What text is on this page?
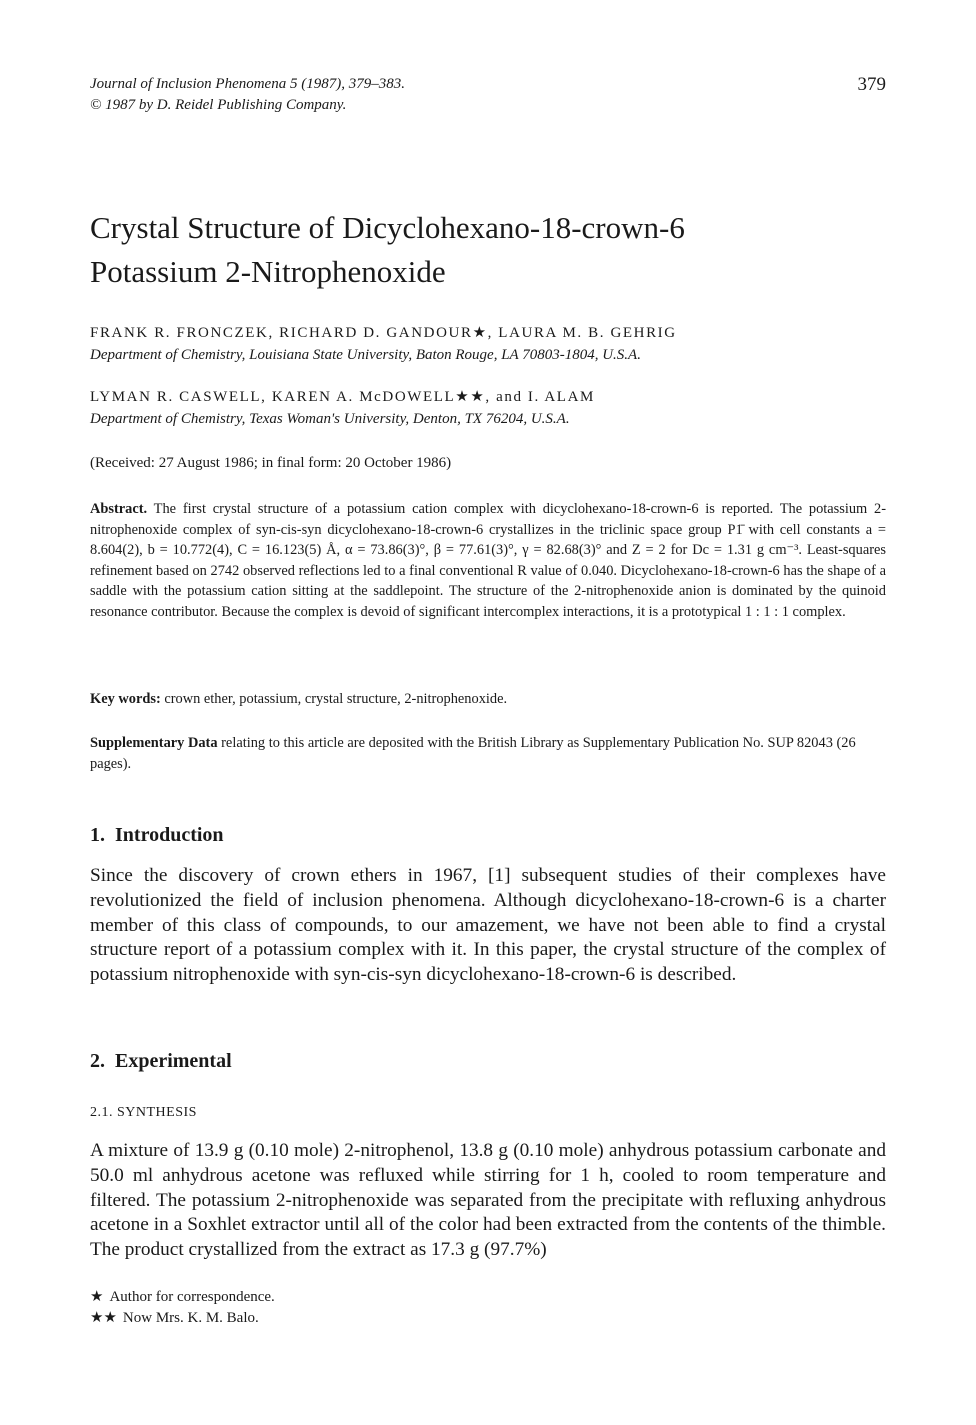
Journal of Inclusion Phenomena 5 (1987), 379–383.
© 1987 by D. Reidel Publishing Company.
379
Crystal Structure of Dicyclohexano-18-crown-6
Potassium 2-Nitrophenoxide
FRANK R. FRONCZEK, RICHARD D. GANDOUR★, LAURA M. B. GEHRIG
Department of Chemistry, Louisiana State University, Baton Rouge, LA 70803-1804, U.S.A.
LYMAN R. CASWELL, KAREN A. McDOWELL★★, and I. ALAM
Department of Chemistry, Texas Woman's University, Denton, TX 76204, U.S.A.
(Received: 27 August 1986; in final form: 20 October 1986)
Abstract. The first crystal structure of a potassium cation complex with dicyclohexano-18-crown-6 is reported. The potassium 2-nitrophenoxide complex of syn-cis-syn dicyclohexano-18-crown-6 crystallizes in the triclinic space group P1̄ with cell constants a = 8.604(2), b = 10.772(4), C = 16.123(5) Å, α = 73.86(3)°, β = 77.61(3)°, γ = 82.68(3)° and Z = 2 for Dc = 1.31 g cm⁻³. Least-squares refinement based on 2742 observed reflections led to a final conventional R value of 0.040. Dicyclohexano-18-crown-6 has the shape of a saddle with the potassium cation sitting at the saddlepoint. The structure of the 2-nitrophenoxide anion is dominated by the quinoid resonance contributor. Because the complex is devoid of significant intercomplex interactions, it is a prototypical 1 : 1 : 1 complex.
Key words: crown ether, potassium, crystal structure, 2-nitrophenoxide.
Supplementary Data relating to this article are deposited with the British Library as Supplementary Publication No. SUP 82043 (26 pages).
1. Introduction
Since the discovery of crown ethers in 1967, [1] subsequent studies of their complexes have revolutionized the field of inclusion phenomena. Although dicyclohexano-18-crown-6 is a charter member of this class of compounds, to our amazement, we have not been able to find a crystal structure report of a potassium complex with it. In this paper, the crystal structure of the complex of potassium nitrophenoxide with syn-cis-syn dicyclohexano-18-crown-6 is described.
2. Experimental
2.1. SYNTHESIS
A mixture of 13.9 g (0.10 mole) 2-nitrophenol, 13.8 g (0.10 mole) anhydrous potassium carbonate and 50.0 ml anhydrous acetone was refluxed while stirring for 1 h, cooled to room temperature and filtered. The potassium 2-nitrophenoxide was separated from the precipitate with refluxing anhydrous acetone in a Soxhlet extractor until all of the color had been extracted from the contents of the thimble. The product crystallized from the extract as 17.3 g (97.7%)
★ Author for correspondence.
★★ Now Mrs. K. M. Balo.
